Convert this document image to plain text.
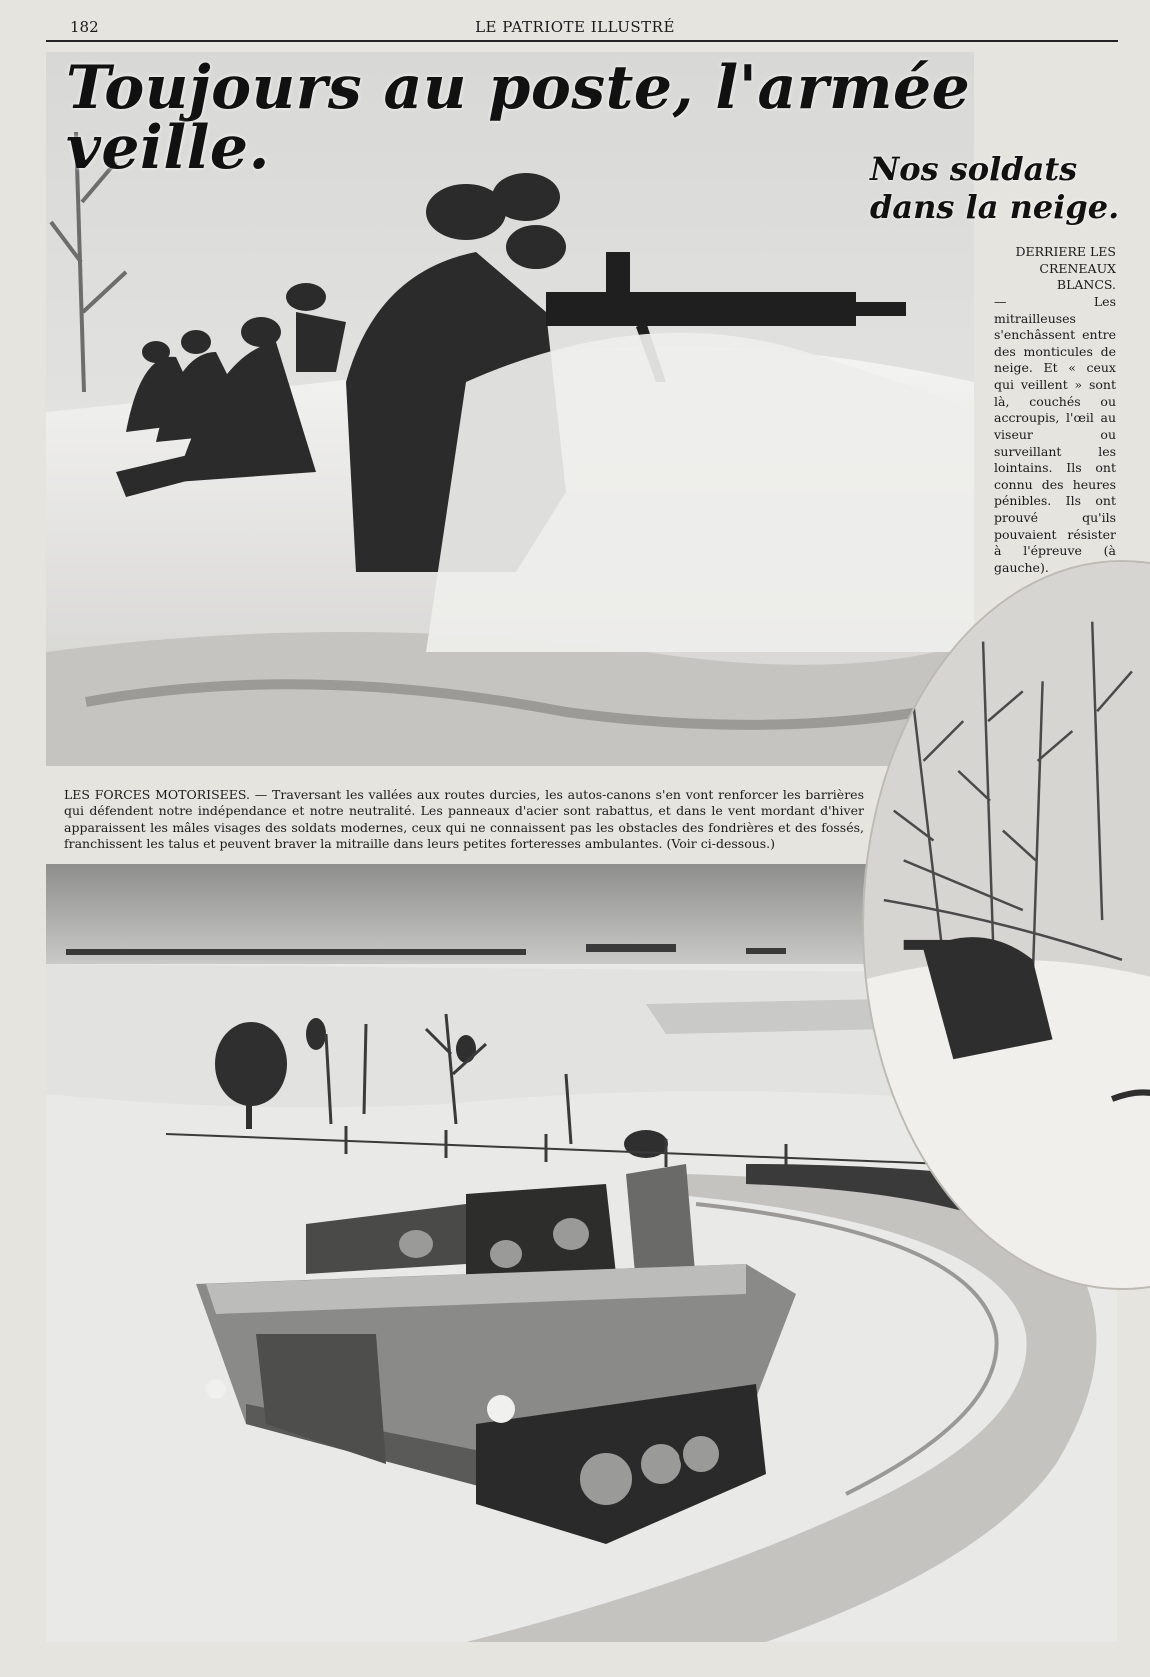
182	LE PATRIOTE ILLUSTRÉ
Toujours au poste, l'armée veille.	Nos soldats
dans la neige.
DERRIERE LES CRENEAUX BLANCS.
— Les mitrailleuses s'enchâssent entre des monticules de neige. Et « ceux qui veillent » sont là, couchés ou accroupis, l'œil au viseur ou surveillant les lointains. Ils ont connu des heures pénibles. Ils ont prouvé qu'ils pouvaient résister à l'épreuve (à gauche).
LES FORCES MOTORISEES. — Traversant les vallées aux routes durcies, les autos-canons s'en vont renforcer les barrières qui défendent notre indépendance et notre neutralité. Les panneaux d'acier sont rabattus, et dans le vent mordant d'hiver apparaissent les mâles visages des soldats modernes, ceux qui ne connaissent pas les obstacles des fondrières et des fossés, franchissent les talus et peuvent braver la mitraille dans leurs petites forteresses ambulantes. (Voir ci-dessous.)
